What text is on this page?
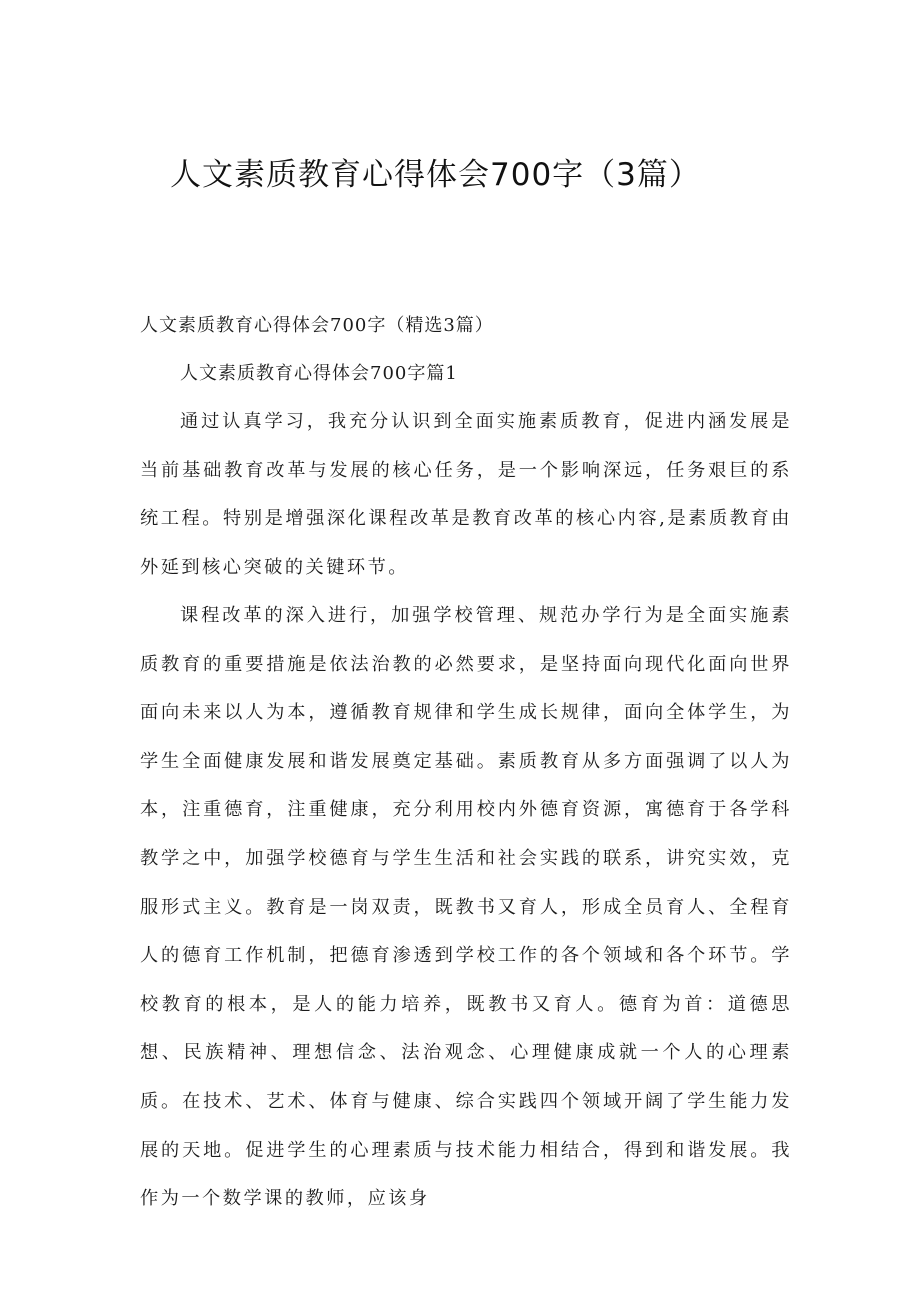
人文素质教育心得体会700字（3篇）
人文素质教育心得体会700字（精选3篇）
人文素质教育心得体会700字篇1

通过认真学习，我充分认识到全面实施素质教育，促进内涵发展是当前基础教育改革与发展的核心任务，是一个影响深远，任务艰巨的系统工程。特别是增强深化课程改革是教育改革的核心内容,是素质教育由外延到核心突破的关键环节。

课程改革的深入进行，加强学校管理、规范办学行为是全面实施素质教育的重要措施是依法治教的必然要求，是坚持面向现代化面向世界面向未来以人为本，遵循教育规律和学生成长规律，面向全体学生，为学生全面健康发展和谐发展奠定基础。素质教育从多方面强调了以人为本，注重德育，注重健康，充分利用校内外德育资源，寓德育于各学科教学之中，加强学校德育与学生生活和社会实践的联系，讲究实效，克服形式主义。教育是一岗双责，既教书又育人，形成全员育人、全程育人的德育工作机制，把德育渗透到学校工作的各个领域和各个环节。学校教育的根本，是人的能力培养，既教书又育人。德育为首：道德思想、民族精神、理想信念、法治观念、心理健康成就一个人的心理素质。在技术、艺术、体育与健康、综合实践四个领域开阔了学生能力发展的天地。促进学生的心理素质与技术能力相结合，得到和谐发展。我作为一个数学课的教师，应该身
